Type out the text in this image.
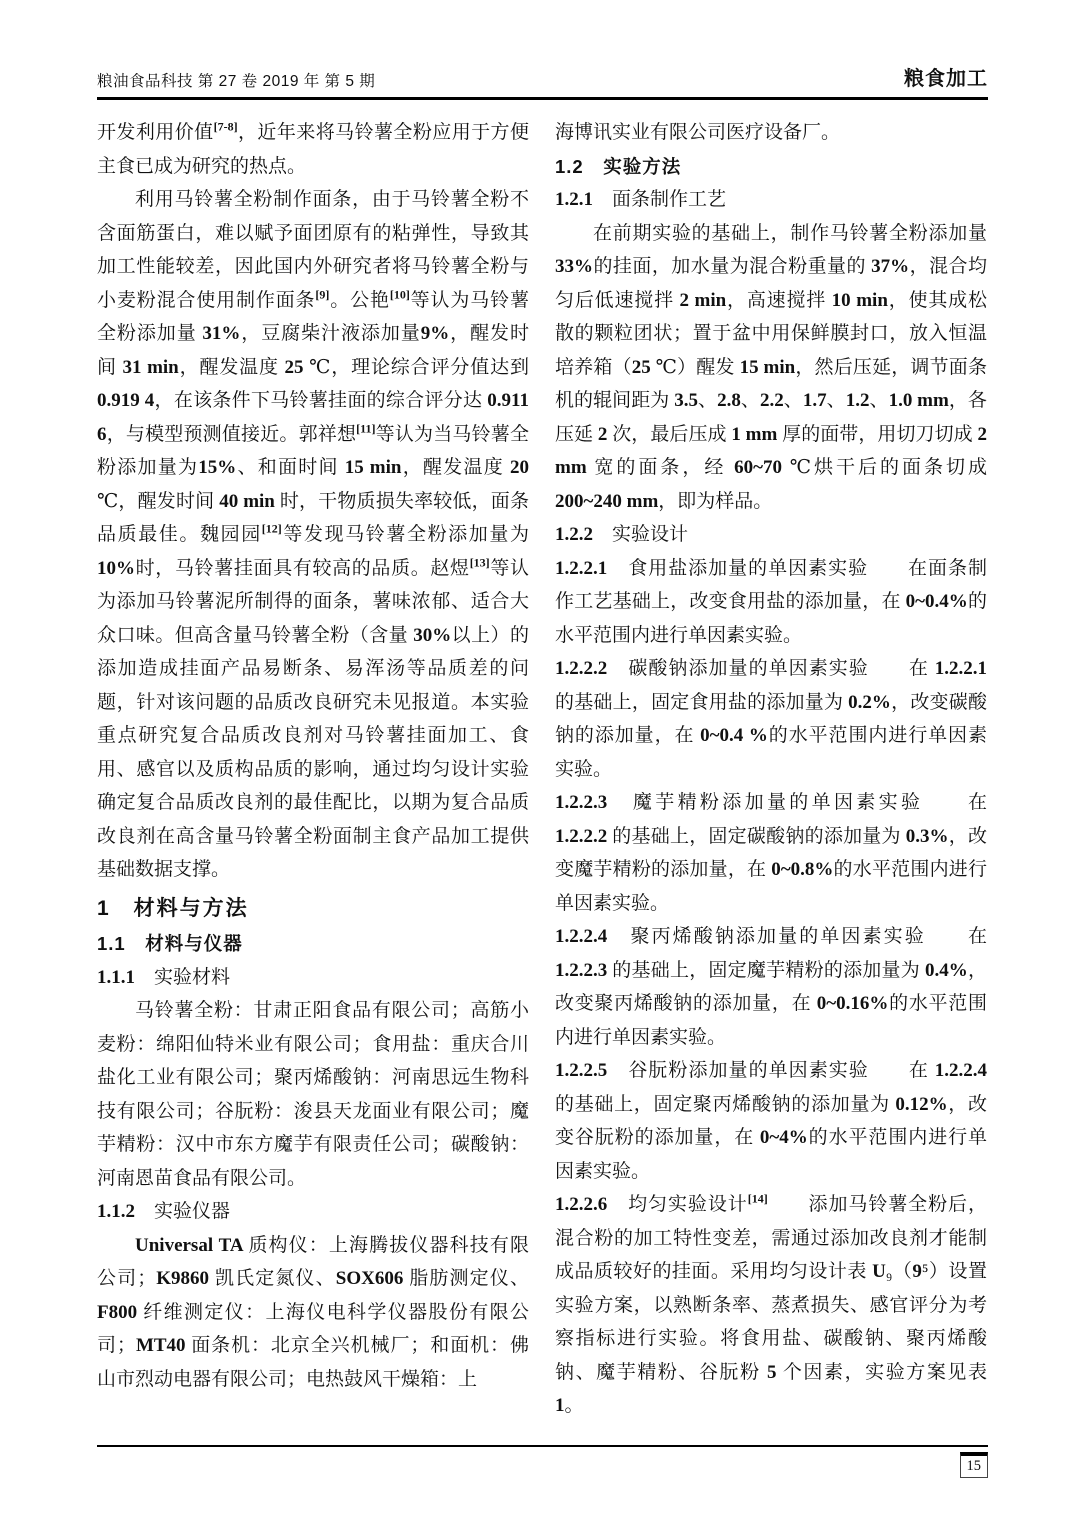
粮油食品科技 第 27 卷 2019 年 第 5 期	粮食加工

开发利用价值[7-8]，近年来将马铃薯全粉应用于方便主食已成为研究的热点。

利用马铃薯全粉制作面条，由于马铃薯全粉不含面筋蛋白，难以赋予面团原有的粘弹性，导致其加工性能较差，因此国内外研究者将马铃薯全粉与小麦粉混合使用制作面条[9]。公艳[10]等认为马铃薯全粉添加量 31%，豆腐柴汁液添加量9%，醒发时间 31 min，醒发温度 25 ℃，理论综合评分值达到 0.919 4，在该条件下马铃薯挂面的综合评分达 0.911 6，与模型预测值接近。郭祥想[11]等认为当马铃薯全粉添加量为15%、和面时间 15 min，醒发温度 20 ℃，醒发时间 40 min 时，干物质损失率较低，面条品质最佳。魏园园[12]等发现马铃薯全粉添加量为 10%时，马铃薯挂面具有较高的品质。赵煜[13]等认为添加马铃薯泥所制得的面条，薯味浓郁、适合大众口味。但高含量马铃薯全粉（含量 30%以上）的添加造成挂面产品易断条、易浑汤等品质差的问题，针对该问题的品质改良研究未见报道。本实验重点研究复合品质改良剂对马铃薯挂面加工、食用、感官以及质构品质的影响，通过均匀设计实验确定复合品质改良剂的最佳配比，以期为复合品质改良剂在高含量马铃薯全粉面制主食产品加工提供基础数据支撑。

1　材料与方法
1.1　材料与仪器
1.1.1　实验材料

马铃薯全粉：甘肃正阳食品有限公司；高筋小麦粉：绵阳仙特米业有限公司；食用盐：重庆合川盐化工业有限公司；聚丙烯酸钠：河南思远生物科技有限公司；谷朊粉：浚县天龙面业有限公司；魔芋精粉：汉中市东方魔芋有限责任公司；碳酸钠：河南恩苗食品有限公司。

1.1.2　实验仪器

Universal TA 质构仪：上海腾拔仪器科技有限公司；K9860 凯氏定氮仪、SOX606 脂肪测定仪、F800 纤维测定仪：上海仪电科学仪器股份有限公司；MT40 面条机：北京全兴机械厂；和面机：佛山市烈动电器有限公司；电热鼓风干燥箱：上

海博讯实业有限公司医疗设备厂。

1.2　实验方法
1.2.1　面条制作工艺

在前期实验的基础上，制作马铃薯全粉添加量33%的挂面，加水量为混合粉重量的 37%，混合均匀后低速搅拌 2 min，高速搅拌 10 min，使其成松散的颗粒团状；置于盆中用保鲜膜封口，放入恒温培养箱（25 ℃）醒发 15 min，然后压延，调节面条机的辊间距为 3.5、2.8、2.2、1.7、1.2、1.0 mm，各压延 2 次，最后压成 1 mm 厚的面带，用切刀切成 2 mm 宽的面条，经 60~70 ℃烘干后的面条切成 200~240 mm，即为样品。

1.2.2　实验设计

1.2.2.1　食用盐添加量的单因素实验　　在面条制作工艺基础上，改变食用盐的添加量，在 0~0.4%的水平范围内进行单因素实验。

1.2.2.2　碳酸钠添加量的单因素实验　　在 1.2.2.1 的基础上，固定食用盐的添加量为 0.2%，改变碳酸钠的添加量，在 0~0.4 %的水平范围内进行单因素实验。

1.2.2.3　魔芋精粉添加量的单因素实验　　在 1.2.2.2 的基础上，固定碳酸钠的添加量为 0.3%，改变魔芋精粉的添加量，在 0~0.8%的水平范围内进行单因素实验。

1.2.2.4　聚丙烯酸钠添加量的单因素实验　　在 1.2.2.3 的基础上，固定魔芋精粉的添加量为 0.4%，改变聚丙烯酸钠的添加量，在 0~0.16%的水平范围内进行单因素实验。

1.2.2.5　谷朊粉添加量的单因素实验　　在 1.2.2.4 的基础上，固定聚丙烯酸钠的添加量为 0.12%，改变谷朊粉的添加量，在 0~4%的水平范围内进行单因素实验。

1.2.2.6　均匀实验设计[14]　　添加马铃薯全粉后，混合粉的加工特性变差，需通过添加改良剂才能制成品质较好的挂面。采用均匀设计表 U₉（9⁵）设置实验方案，以熟断条率、蒸煮损失、感官评分为考察指标进行实验。将食用盐、碳酸钠、聚丙烯酸钠、魔芋精粉、谷朊粉 5 个因素，实验方案见表 1。

15
